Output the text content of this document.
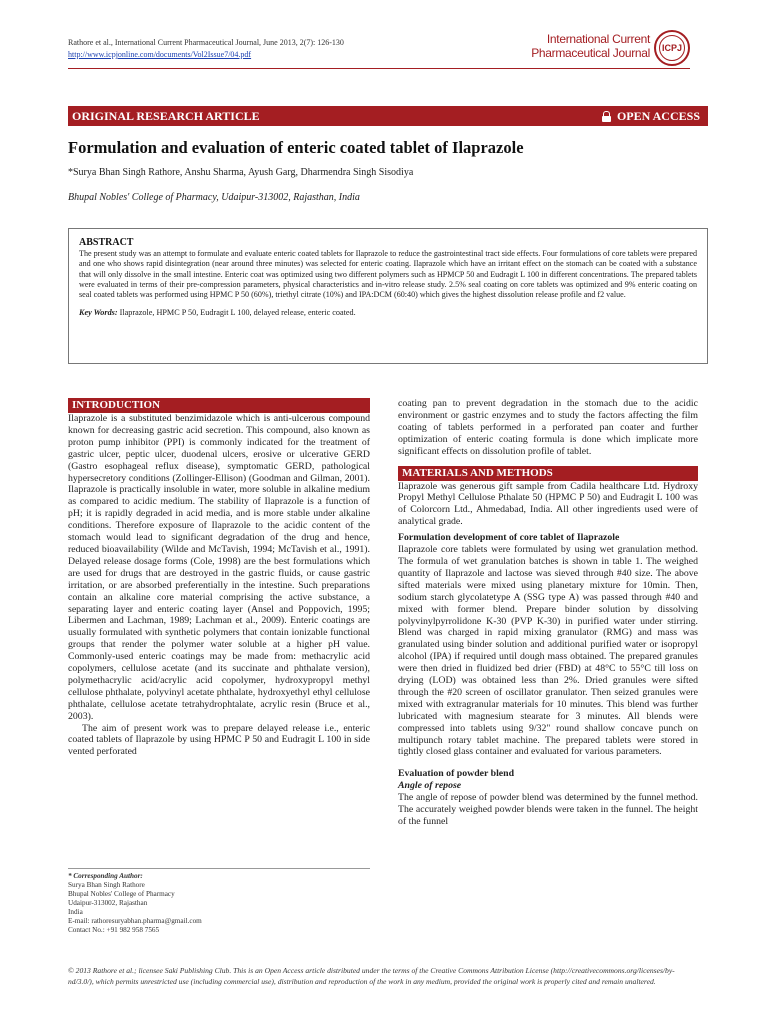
Rathore et al., International Current Pharmaceutical Journal, June 2013, 2(7): 126-130
http://www.icpjonline.com/documents/Vol2Issue7/04.pdf
International Current
Pharmaceutical Journal ICPJ
ORIGINAL RESEARCH ARTICLE	OPEN ACCESS
Formulation and evaluation of enteric coated tablet of Ilaprazole
*Surya Bhan Singh Rathore, Anshu Sharma, Ayush Garg, Dharmendra Singh Sisodiya
Bhupal Nobles' College of Pharmacy, Udaipur-313002, Rajasthan, India
ABSTRACT
The present study was an attempt to formulate and evaluate enteric coated tablets for Ilaprazole to reduce the gastrointestinal tract side effects. Four formulations of core tablets were prepared and one who shows rapid disintegration (near around three minutes) was selected for enteric coating. Ilaprazole which have an irritant effect on the stomach can be coated with a substance that will only dissolve in the small intestine. Enteric coat was optimized using two different polymers such as HPMCP 50 and Eudragit L 100 in different concentrations. The prepared tablets were evaluated in terms of their pre-compression parameters, physical characteristics and in-vitro release study. 2.5% seal coating on core tablets was optimized and 9% enteric coating on seal coated tablets was performed using HPMC P 50 (60%), triethyl citrate (10%) and IPA:DCM (60:40) which gives the highest dissolution release profile and f2 value.
Key Words: Ilaprazole, HPMC P 50, Eudragit L 100, delayed release, enteric coated.
INTRODUCTION

Ilaprazole is a substituted benzimidazole which is anti-ulcerous compound known for decreasing gastric acid secretion. This compound, also known as proton pump inhibitor (PPI) is commonly indicated for the treatment of gastric ulcer, peptic ulcer, duodenal ulcers, erosive or ulcerative GERD (Gastro esophageal reflux disease), symptomatic GERD, pathological hypersecretory conditions (Zollinger-Ellison) (Goodman and Gilman, 2001). Ilaprazole is practically insoluble in water, more soluble in alkaline medium as compared to acidic medium. The stability of Ilaprazole is a function of pH; it is rapidly degraded in acid media, and is more stable under alkaline conditions. Therefore exposure of Ilaprazole to the acidic content of the stomach would lead to significant degradation of the drug and hence, reduced bioavailability (Wilde and McTavish, 1994; McTavish et al., 1991). Delayed release dosage forms (Cole, 1998) are the best formulations which are used for drugs that are destroyed in the gastric fluids, or cause gastric irritation, or are absorbed preferentially in the intestine. Such preparations contain an alkaline core material comprising the active substance, a separating layer and enteric coating layer (Ansel and Poppovich, 1995; Libermen and Lachman, 1989; Lachman et al., 2009). Enteric coatings are usually formulated with synthetic polymers that contain ionizable functional groups that render the polymer water soluble at a higher pH value. Commonly-used enteric coatings may be made from: methacrylic acid copolymers, cellulose acetate (and its succinate and phthalate version), polymethacrylic acid/acrylic acid copolymer, hydroxypropyl methyl cellulose phthalate, polyvinyl acetate phthalate, hydroxyethyl ethyl cellulose phthalate, cellulose acetate tetrahydrophtalate, acrylic resin (Bruce et al., 2003).

The aim of present work was to prepare delayed release i.e., enteric coated tablets of Ilaprazole by using HPMC P 50 and Eudragit L 100 in side vented perforated

coating pan to prevent degradation in the stomach due to the acidic environment or gastric enzymes and to study the factors affecting the film coating of tablets performed in a perforated pan coater and further optimization of enteric coating formula is done which implicate more significant effects on dissolution profile of tablet.

MATERIALS AND METHODS

Ilaprazole was generous gift sample from Cadila healthcare Ltd. Hydroxy Propyl Methyl Cellulose Pthalate 50 (HPMC P 50) and Eudragit L 100 was of Colorcorn Ltd., Ahmedabad, India. All other ingredients used were of analytical grade.

Formulation development of core tablet of Ilaprazole

Ilaprazole core tablets were formulated by using wet granulation method. The formula of wet granulation batches is shown in table 1. The weighed quantity of Ilaprazole and lactose was sieved through #40 size. The above sifted materials were mixed using planetary mixture for 10min. Then, sodium starch glycolatetype A (SSG type A) was passed through #40 and mixed with former blend. Prepare binder solution by dissolving polyvinylpyrrolidone K-30 (PVP K-30) in purified water under stirring. Blend was charged in rapid mixing granulator (RMG) and mass was granulated using binder solution and additional purified water or isopropyl alcohol (IPA) if required until dough mass obtained. The prepared granules were then dried in fluidized bed drier (FBD) at 48°C to 55°C till loss on drying (LOD) was obtained less than 2%. Dried granules were sifted through the #20 screen of oscillator granulator. Then seized granules were mixed with extragranular materials for 10 minutes. This blend was further lubricated with magnesium stearate for 3 minutes. All blends were compressed into tablets using 9/32" round shallow concave punch on multipunch rotary tablet machine. The prepared tablets were stored in tightly closed glass container and evaluated for various parameters.

Evaluation of powder blend
Angle of repose

The angle of repose of powder blend was determined by the funnel method. The accurately weighed powder blends were taken in the funnel. The height of the funnel

* Corresponding Author:
Surya Bhan Singh Rathore
Bhupal Nobles' College of Pharmacy
Udaipur-313002, Rajasthan
India
E-mail: rathoresuryabhan.pharma@gmail.com
Contact No.: +91 982 958 7565
© 2013 Rathore et al.; licensee Saki Publishing Club. This is an Open Access article distributed under the terms of the Creative Commons Attribution License (http://creativecommons.org/licenses/by-nd/3.0/), which permits unrestricted use (including commercial use), distribution and reproduction of the work in any medium, provided the original work is properly cited and remain unaltered.
